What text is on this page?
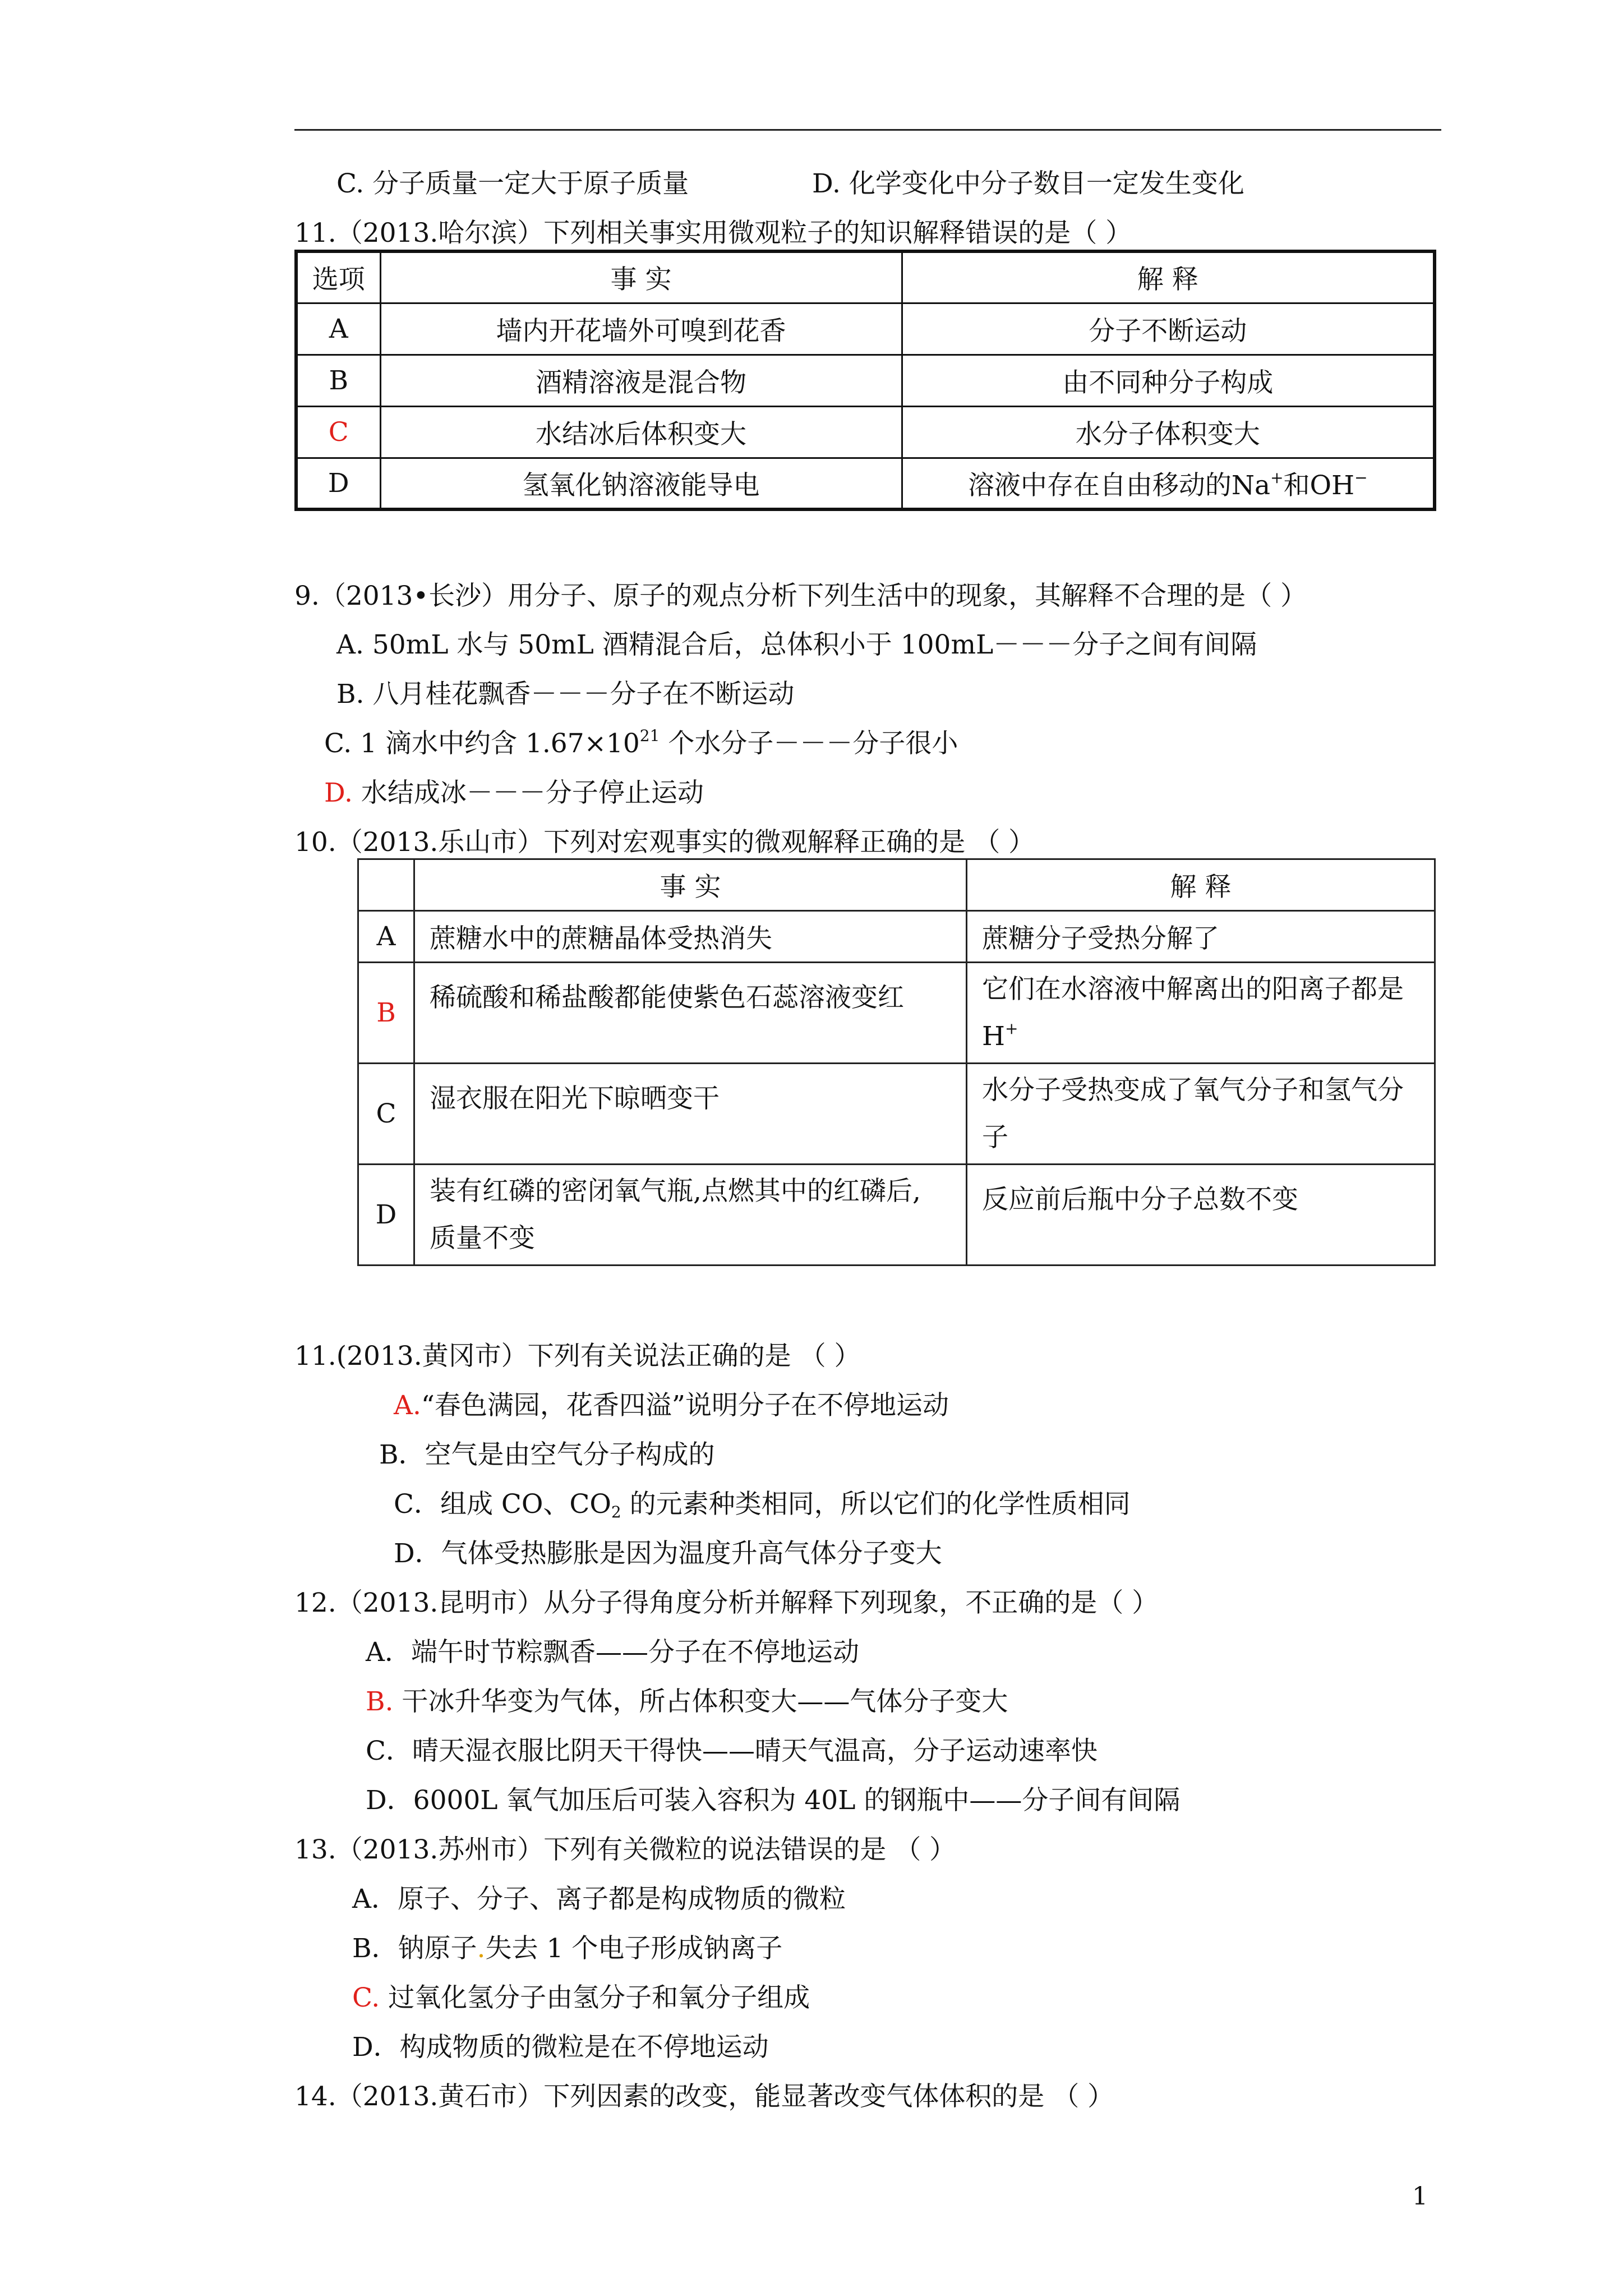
C. 分子质量一定大于原子质量	D. 化学变化中分子数目一定发生变化
11.（2013.哈尔滨）下列相关事实用微观粒子的知识解释错误的是（ ）
选项	事 实	解 释
A	墙内开花墙外可嗅到花香	分子不断运动
B	酒精溶液是混合物	由不同种分子构成
C	水结冰后体积变大	水分子体积变大
D	氢氧化钠溶液能导电	溶液中存在自由移动的Na+和OH−
9.（2013•长沙）用分子、原子的观点分析下列生活中的现象，其解释不合理的是（ ）
A. 50mL 水与 50mL 酒精混合后，总体积小于 100mL－－－分子之间有间隔
B. 八月桂花飘香－－－分子在不断运动
C. 1 滴水中约含 $1.67\times 10^{21}$ 个水分子－－－分子很小
D. 水结成冰－－－分子停止运动
10.（2013.乐山市）下列对宏观事实的微观解释正确的是 （ ）
	事 实	解 释
A	蔗糖水中的蔗糖晶体受热消失	蔗糖分子受热分解了
B	稀硫酸和稀盐酸都能使紫色石蕊溶液变红	它们在水溶液中解离出的阳离子都是 H+
C	湿衣服在阳光下晾晒变干	水分子受热变成了氧气分子和氢气分子
D	装有红磷的密闭氧气瓶,点燃其中的红磷后,质量不变	反应前后瓶中分子总数不变
11.(2013.黄冈市）下列有关说法正确的是 （ ）
A.“春色满园，花香四溢”说明分子在不停地运动
B．空气是由空气分子构成的
C．组成 CO、$CO_2$ 的元素种类相同，所以它们的化学性质相同
D．气体受热膨胀是因为温度升高气体分子变大
12.（2013.昆明市）从分子得角度分析并解释下列现象，不正确的是（ ）
A．端午时节粽飘香——分子在不停地运动
B. 干冰升华变为气体，所占体积变大——气体分子变大
C．晴天湿衣服比阴天干得快——晴天气温高，分子运动速率快
D．6000L 氧气加压后可装入容积为 40L 的钢瓶中——分子间有间隔
13.（2013.苏州市）下列有关微粒的说法错误的是 （ ）
A．原子、分子、离子都是构成物质的微粒
B．钠原子.失去 1 个电子形成钠离子
C. 过氧化氢分子由氢分子和氧分子组成
D．构成物质的微粒是在不停地运动
14.（2013.黄石市）下列因素的改变，能显著改变气体体积的是 （ ）
1
